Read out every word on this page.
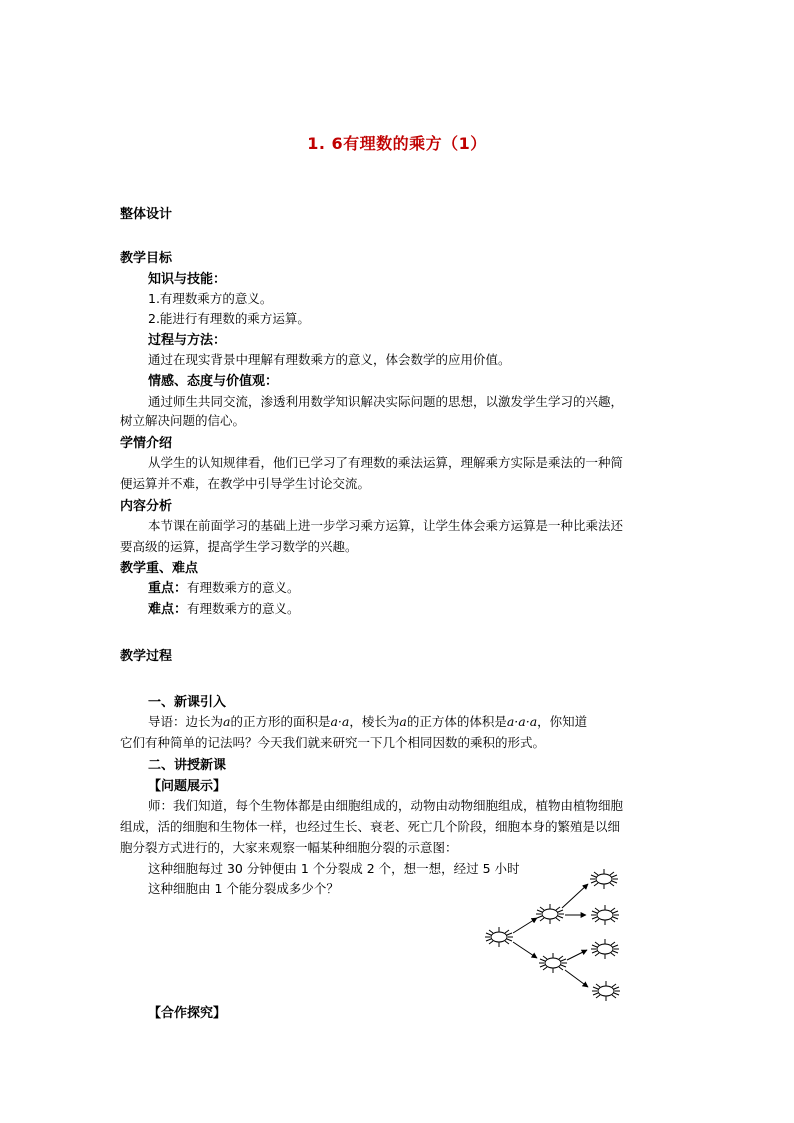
1. 6有理数的乘方（1）
整体设计
教学目标
知识与技能：
1.有理数乘方的意义。
2.能进行有理数的乘方运算。
过程与方法：
通过在现实背景中理解有理数乘方的意义，体会数学的应用价值。
情感、态度与价值观：
通过师生共同交流，渗透利用数学知识解决实际问题的思想，以激发学生学习的兴趣，
树立解决问题的信心。
学情介绍
从学生的认知规律看，他们已学习了有理数的乘法运算，理解乘方实际是乘法的一种简
便运算并不难，在教学中引导学生讨论交流。
内容分析
本节课在前面学习的基础上进一步学习乘方运算，让学生体会乘方运算是一种比乘法还
要高级的运算，提高学生学习数学的兴趣。
教学重、难点
重点：有理数乘方的意义。
难点：有理数乘方的意义。
教学过程
一、新课引入
导语：边长为a的正方形的面积是a·a，棱长为a的正方体的体积是a·a·a，你知道
它们有种简单的记法吗？今天我们就来研究一下几个相同因数的乘积的形式。
二、讲授新课
【问题展示】
师：我们知道，每个生物体都是由细胞组成的，动物由动物细胞组成，植物由植物细胞
组成，活的细胞和生物体一样，也经过生长、衰老、死亡几个阶段，细胞本身的繁殖是以细
胞分裂方式进行的，大家来观察一幅某种细胞分裂的示意图：
这种细胞每过 30 分钟便由 1 个分裂成 2 个，想一想，经过 5 小时
这种细胞由 1 个能分裂成多少个？
【合作探究】
